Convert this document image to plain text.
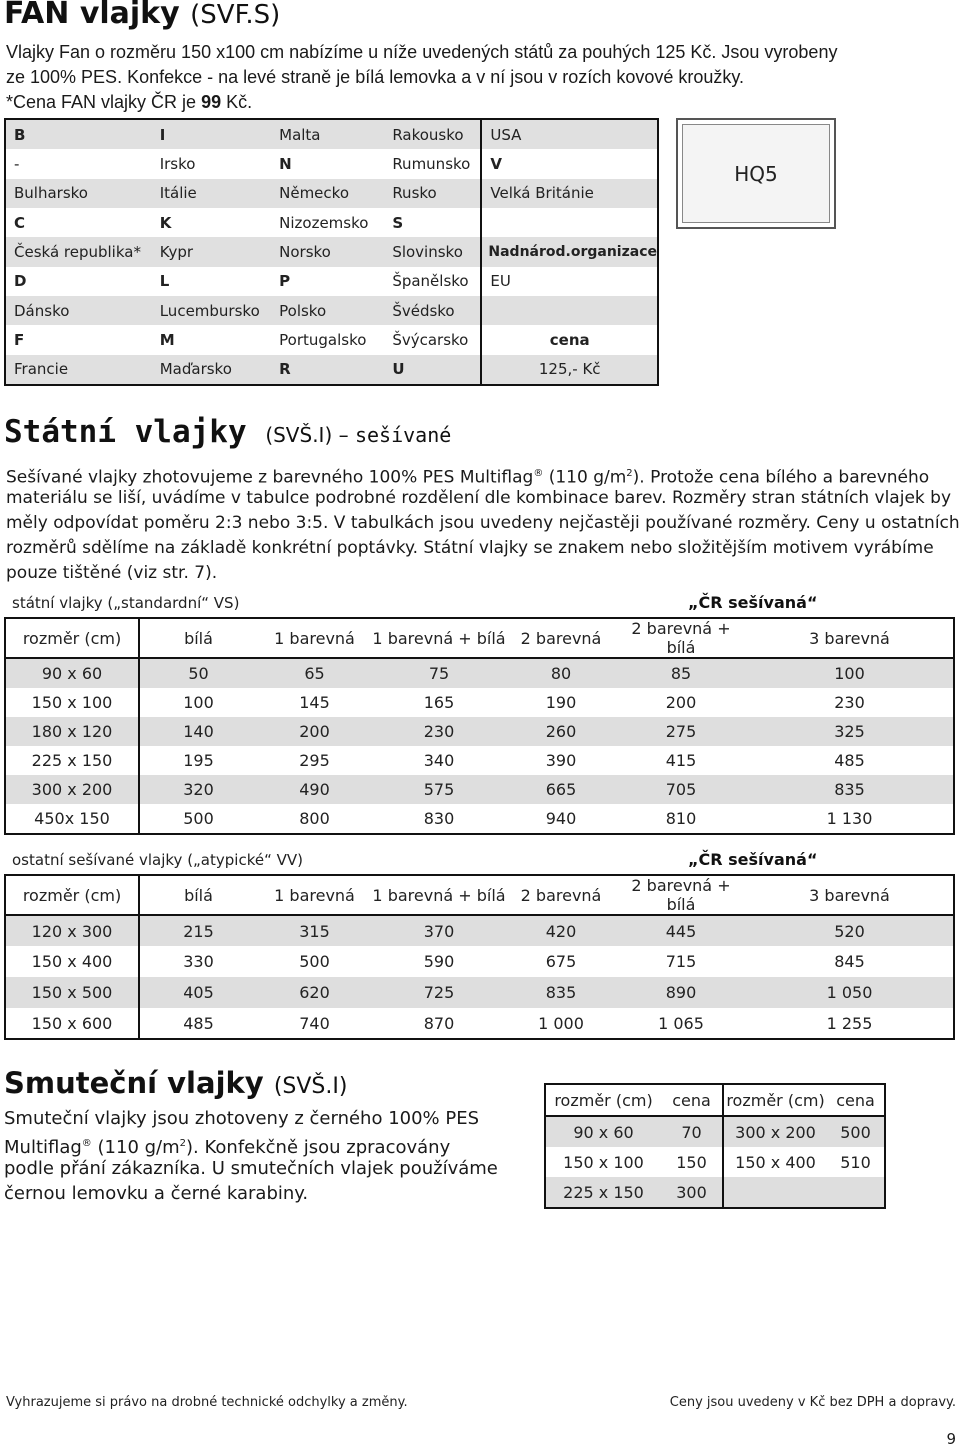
FAN vlajky (SVF.S)
Vlajky Fan o rozměru 150 x100 cm nabízíme u níže uvedených států za pouhých 125 Kč. Jsou vyrobeny
ze 100% PES. Konfekce - na levé straně je bílá lemovka a v ní jsou v rozích kovové kroužky.
*Cena FAN vlajky ČR je 99 Kč.
B	I	Malta	Rakousko	USA
-	Irsko	N	Rumunsko	V
Bulharsko	Itálie	Německo	Rusko	Velká Británie
C	K	Nizozemsko	S	
Česká republika*	Kypr	Norsko	Slovinsko	Nadnárod.organizace
D	L	P	Španělsko	EU
Dánsko	Lucembursko	Polsko	Švédsko	
F	M	Portugalsko	Švýcarsko	cena
Francie	Maďarsko	R	U	125,- Kč
HQ5
Státní vlajky (SVŠ.I) – sešívané
Sešívané vlajky zhotovujeme z barevného 100% PES Multiflag® (110 $g/m^2$). Protože cena bílého a barevného
materiálu se liší, uvádíme v tabulce podrobné rozdělení dle kombinace barev. Rozměry stran státních vlajek by
měly odpovídat poměru 2:3 nebo 3:5. V tabulkách jsou uvedeny nejčastěji používané rozměry. Ceny u ostatních
rozměrů sdělíme na základě konkrétní poptávky. Státní vlajky se znakem nebo složitějším motivem vyrábíme
pouze tištěné (viz str. 7).
státní vlajky („standardní“ VS)	„ČR sešívaná“
rozměr (cm)	bílá	1 barevná	1 barevná + bílá	2 barevná	2 barevná + bílá	3 barevná
90 x 60	50	65	75	80	85	100
150 x 100	100	145	165	190	200	230
180 x 120	140	200	230	260	275	325
225 x 150	195	295	340	390	415	485
300 x 200	320	490	575	665	705	835
450x 150	500	800	830	940	810	1 130
ostatní sešívané vlajky („atypické“ VV)	„ČR sešívaná“
rozměr (cm)	bílá	1 barevná	1 barevná + bílá	2 barevná	2 barevná + bílá	3 barevná
120 x 300	215	315	370	420	445	520
150 x 400	330	500	590	675	715	845
150 x 500	405	620	725	835	890	1 050
150 x 600	485	740	870	1 000	1 065	1 255
Smuteční vlajky (SVŠ.I)
Smuteční vlajky jsou zhotoveny z černého 100% PES
Multiflag® (110 $g/m^2$). Konfekčně jsou zpracovány
podle přání zákazníka. U smutečních vlajek používáme
černou lemovku a černé karabiny.
rozměr (cm)	cena	rozměr (cm)	cena
90 x 60	70	300 x 200	500
150 x 100	150	150 x 400	510
225 x 150	300		
Vyhrazujeme si právo na drobné technické odchylky a změny.	Ceny jsou uvedeny v Kč bez DPH a dopravy.
9
